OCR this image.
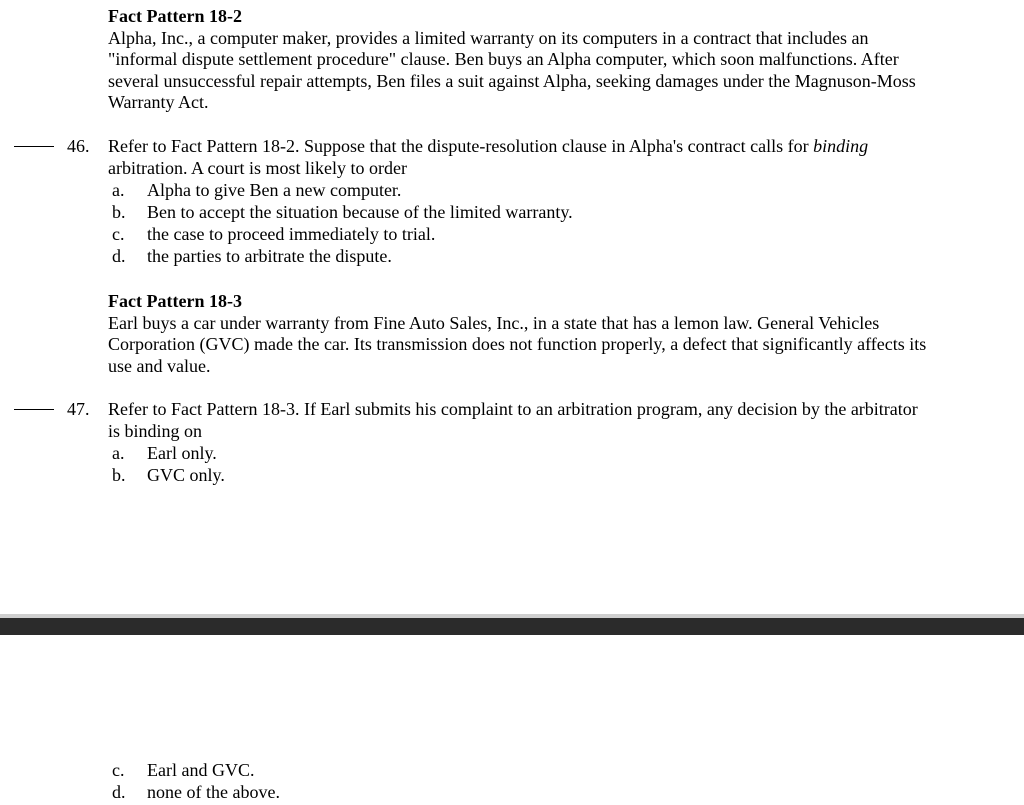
Fact Pattern 18-2
Alpha, Inc., a computer maker, provides a limited warranty on its computers in a contract that includes an
"informal dispute settlement procedure" clause. Ben buys an Alpha computer, which soon malfunctions. After
several unsuccessful repair attempts, Ben files a suit against Alpha, seeking damages under the Magnuson-Moss
Warranty Act.
46. Refer to Fact Pattern 18-2. Suppose that the dispute-resolution clause in Alpha's contract calls for binding
arbitration. A court is most likely to order
a.	Alpha to give Ben a new computer.
b.	Ben to accept the situation because of the limited warranty.
c.	the case to proceed immediately to trial.
d.	the parties to arbitrate the dispute.
Fact Pattern 18-3
Earl buys a car under warranty from Fine Auto Sales, Inc., in a state that has a lemon law. General Vehicles
Corporation (GVC) made the car. Its transmission does not function properly, a defect that significantly affects its
use and value.
47. Refer to Fact Pattern 18-3. If Earl submits his complaint to an arbitration program, any decision by the arbitrator
is binding on
a.	Earl only.
b.	GVC only.
c.	Earl and GVC.
d.	none of the above.
